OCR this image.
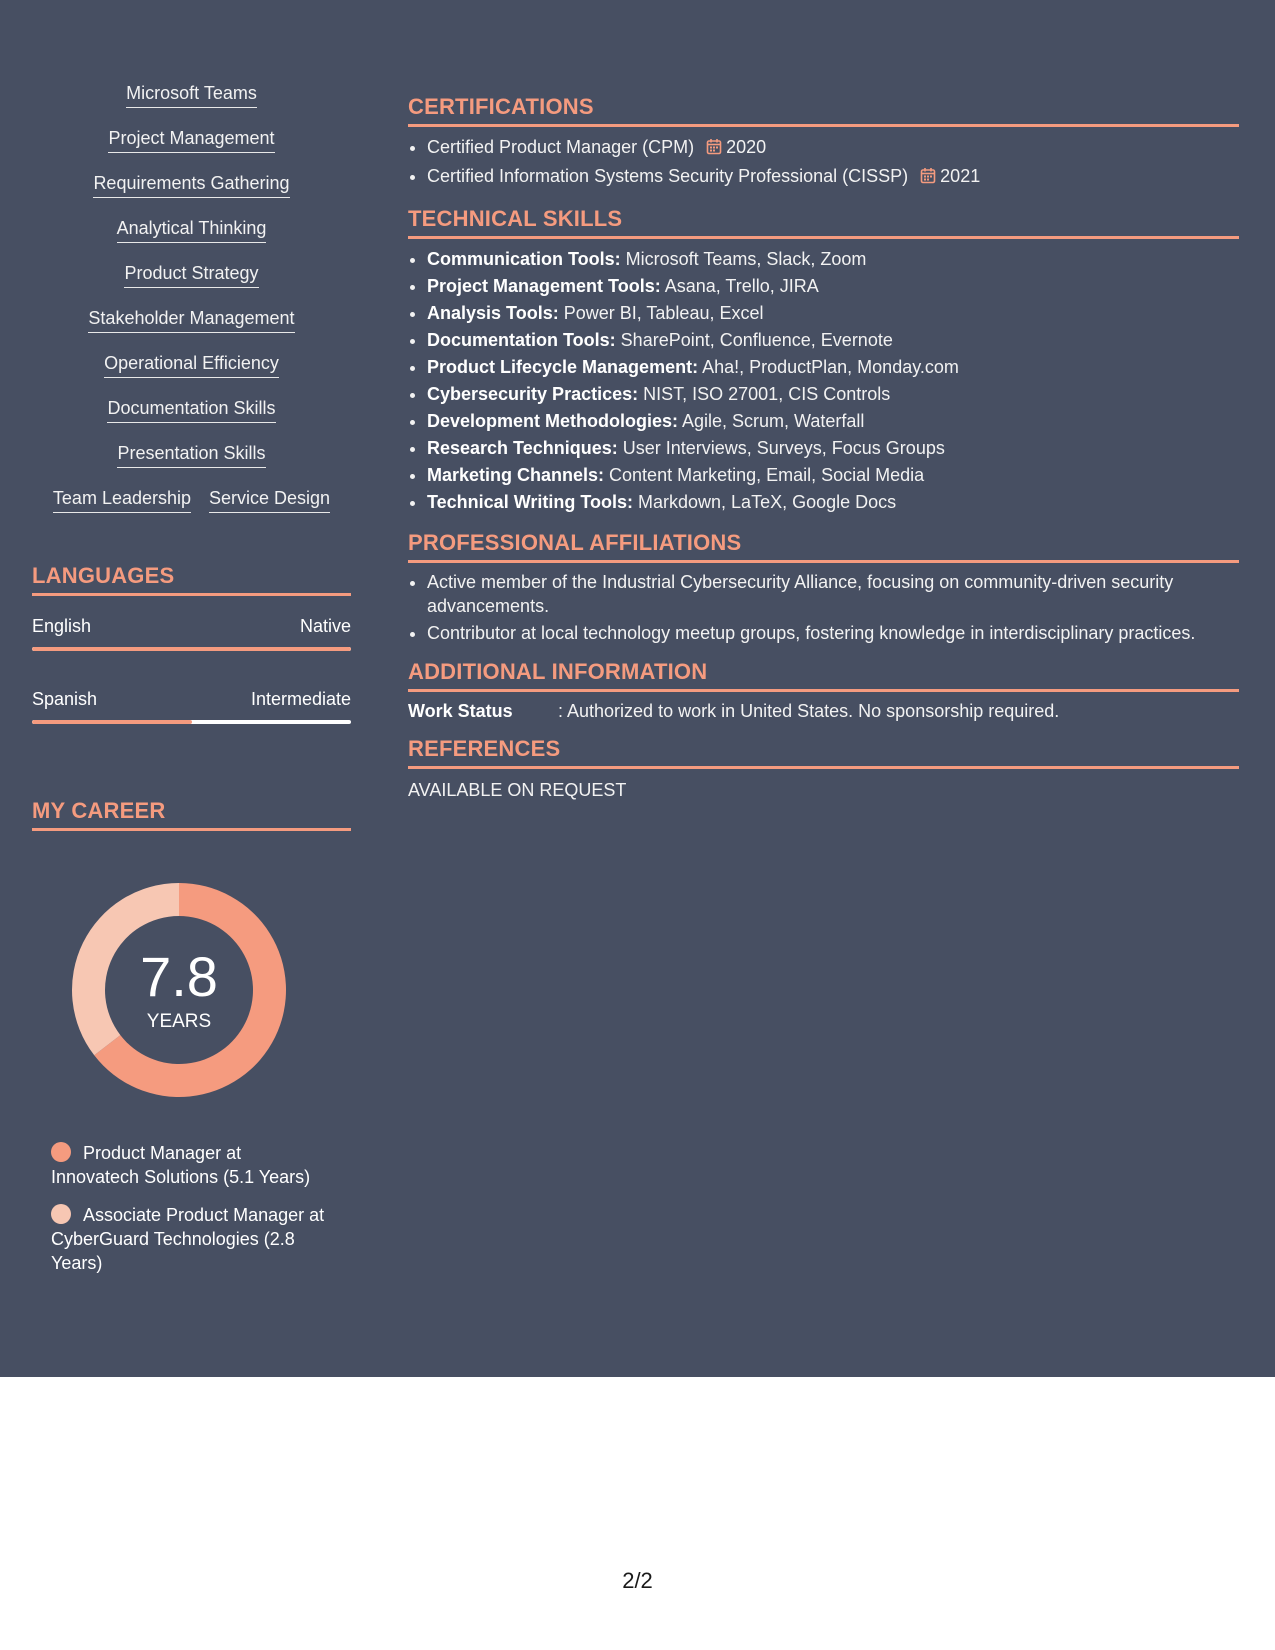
Microsoft Teams
Project Management
Requirements Gathering
Analytical Thinking
Product Strategy
Stakeholder Management
Operational Efficiency
Documentation Skills
Presentation Skills
Team Leadership Service Design
LANGUAGES
English	Native
Spanish	Intermediate
MY CAREER
7.8
YEARS
Product Manager at Innovatech Solutions (5.1 Years)
Associate Product Manager at CyberGuard Technologies (2.8 Years)
CERTIFICATIONS
• Certified Product Manager (CPM) 2020
• Certified Information Systems Security Professional (CISSP) 2021
TECHNICAL SKILLS
• Communication Tools: Microsoft Teams, Slack, Zoom
• Project Management Tools: Asana, Trello, JIRA
• Analysis Tools: Power BI, Tableau, Excel
• Documentation Tools: SharePoint, Confluence, Evernote
• Product Lifecycle Management: Aha!, ProductPlan, Monday.com
• Cybersecurity Practices: NIST, ISO 27001, CIS Controls
• Development Methodologies: Agile, Scrum, Waterfall
• Research Techniques: User Interviews, Surveys, Focus Groups
• Marketing Channels: Content Marketing, Email, Social Media
• Technical Writing Tools: Markdown, LaTeX, Google Docs
PROFESSIONAL AFFILIATIONS
• Active member of the Industrial Cybersecurity Alliance, focusing on community-driven security advancements.
• Contributor at local technology meetup groups, fostering knowledge in interdisciplinary practices.
ADDITIONAL INFORMATION
Work Status	: Authorized to work in United States. No sponsorship required.
REFERENCES
AVAILABLE ON REQUEST
2/2
